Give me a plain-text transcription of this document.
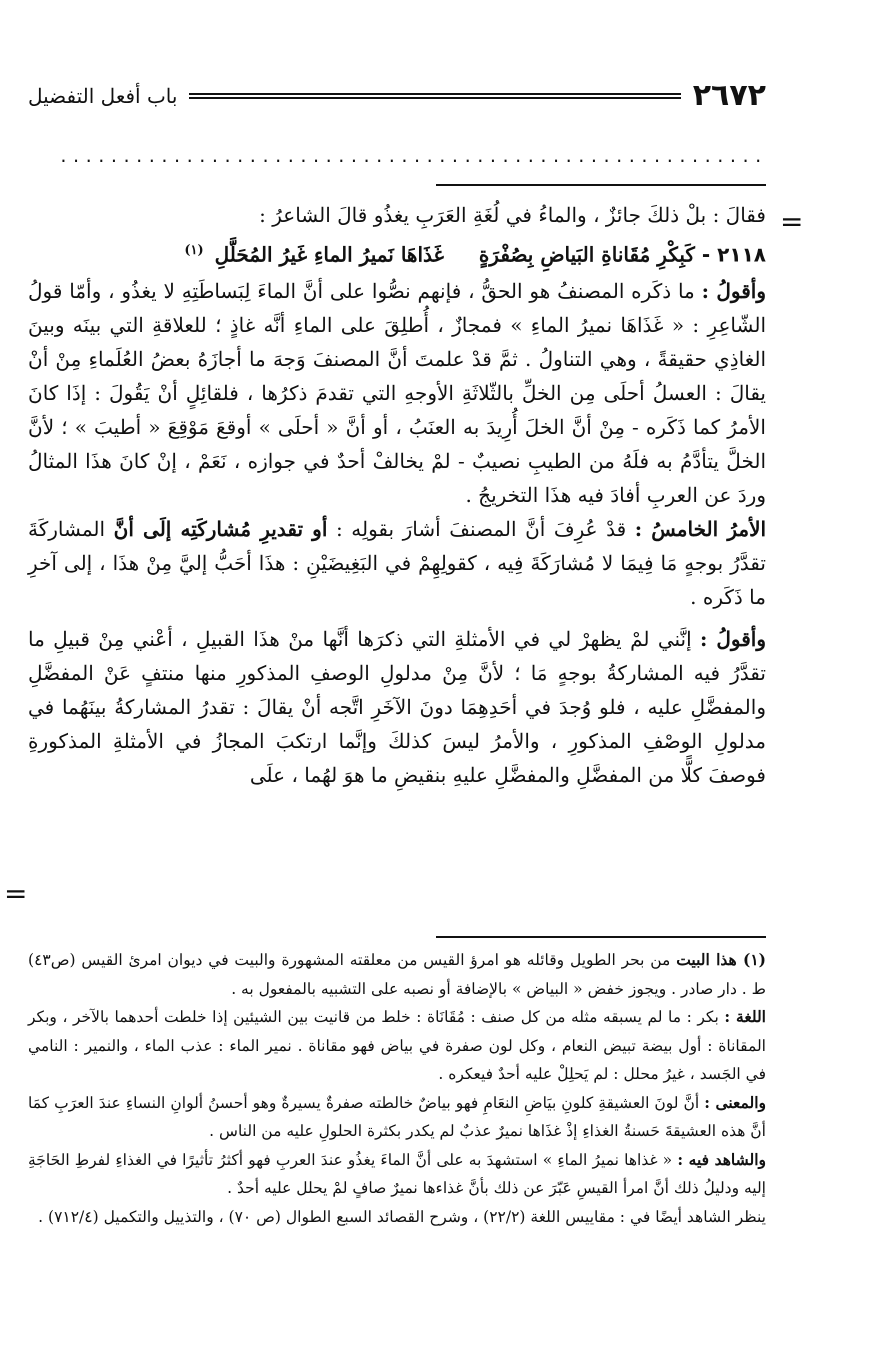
٢٦٧٢
باب أفعل التفضيل
........................................................
=

فقالَ : بلْ ذلكَ جائزٌ ، والماءُ في لُغَةِ العَرَبِ يغذُو قالَ الشاعرُ :

٢١١٨ - كَبِكْرِ مُقَاناةِ البَياضِ بِصُفْرَةٍ     غَذَاهَا نَميرُ الماءِ غَيرُ المُحَلَّلِ $^{(١)}$

وأقولُ : ما ذكَره المصنفُ هو الحقُّ ، فإنهم نصُّوا على أنَّ الماءَ لِبَساطَتِهِ لا يغذُو ، وأمّا قولُ الشّاعِرِ : « غَذَاهَا نميرُ الماءِ » فمجازٌ ، أُطلِقَ على الماءِ أنَّه غاذٍ ؛ للعلاقةِ التي بينَه وبينَ الغاذِي حقيقةً ، وهي التناولُ . ثمَّ قدْ علمتَ أنَّ المصنفَ وَجهَ ما أجازَهُ بعضُ العُلَماءِ مِنْ أنْ يقالَ : العسلُ أحلَى مِن الخلِّ بالثّلاثَةِ الأوجهِ التي تقدمَ ذكرُها ، فلقائِلٍ أنْ يَقُولَ : إذَا كانَ الأمرُ كما ذَكَره - مِنْ أنَّ الخلَ أُرِيدَ به العنَبُ ، أو أنَّ « أحلَى » أوقعَ مَوْقِعَ « أطيبَ » ؛ لأنَّ الخلَّ يتأدَّمُ به فلَهُ من الطيبِ نصيبٌ - لمْ يخالفْ أحدٌ في جوازه ، نَعَمْ ، إنْ كانَ هذَا المثالُ وردَ عن العربِ أفادَ فيه هذَا التخريجُ .

الأمرُ الخامسُ : قدْ عُرِفَ أنَّ المصنفَ أشارَ بقولِه : أو تقديرِ مُشاركَتِه إلَى أنَّ المشاركَةَ تقدَّرُ بوجهٍ مَا فِيمَا لا مُشارَكَةَ فِيه ، كقولِهِمْ في البَغِيضَيْنِ : هذَا أحَبُّ إليَّ مِنْ هذَا ، إلى آخرِ ما ذَكَره .

وأقولُ : إنَّني لمْ يظهرْ لي في الأمثلةِ التي ذكرَها أنَّها منْ هذَا القبيلِ ، أعْني مِنْ قبيلِ ما تقدَّرُ فيه المشاركةُ بوجهٍ مَا ؛ لأنَّ مِنْ مدلولِ الوصفِ المذكورِ منها منتفٍ عَنْ المفضَّلِ والمفضَّلِ عليه ، فلو وُجدَ في أحَدِهِمَا دونَ الآخَرِ اتَّجه أنْ يقالَ : تقدرُ المشاركةُ بينَهُما في مدلولِ الوصْفِ المذكورِ ، والأمرُ ليسَ كذلكَ وإنَّما ارتكبَ المجازُ في الأمثلةِ المذكورةِ فوصفَ كلًّا من المفضَّلِ والمفضَّلِ عليهِ بنقيضِ ما هوَ لهُما ، علَى

=

(١) هذا البيت من بحر الطويل وقائله هو امرؤ القيس من معلقته المشهورة والبيت في ديوان امرئ القيس (ص٤٣) ط . دار صادر . ويجوز خفض « البياض » بالإضافة أو نصبه على التشبيه بالمفعول به .

اللغة : بكر : ما لم يسبقه مثله من كل صنف : مُقَانَاة : خلط من قانيت بين الشيئين إذا خلطت أحدهما بالآخر ، وبكر المقاناة : أول بيضة تبيض النعام ، وكل لون صفرة في بياض فهو مقاناة . نمير الماء : عذب الماء ، والنمير : النامي في الجَسد ، غيرُ محلل : لم يَحلِلْ عليه أحدٌ فيعكره .

والمعنى : أنَّ لونَ العشيقةِ كلونِ بيَاضِ النعَامِ فهو بياضٌ خالطته صفرةٌ يسيرةٌ وهو أحسنُ ألوانِ النساءِ عندَ العرَبِ كمَا أنَّ هذه العشيقةَ حَسنةُ الغذاءِ إذْ غذَاها نميرٌ عذبٌ لم يكدر بكثرة الحلولِ عليه من الناس .

والشاهد فيه : « غذاها نميرُ الماءِ » استشهدَ به على أنَّ الماءَ يغذُو عندَ العربِ فهو أكثرُ تأثيرًا في الغذاءِ لفرطِ الحَاجَةِ إليه ودليلُ ذلك أنَّ امرأ القيسِ عَبّرَ عن ذلك بأنَّ غذاءها نميرٌ صافٍ لمْ يحلل عليه أحدٌ .

ينظر الشاهد أيضًا في : مقاييس اللغة (٢٢/٢) ، وشرح القصائد السبع الطوال (ص ٧٠) ، والتذييل والتكميل (٧١٢/٤) .
